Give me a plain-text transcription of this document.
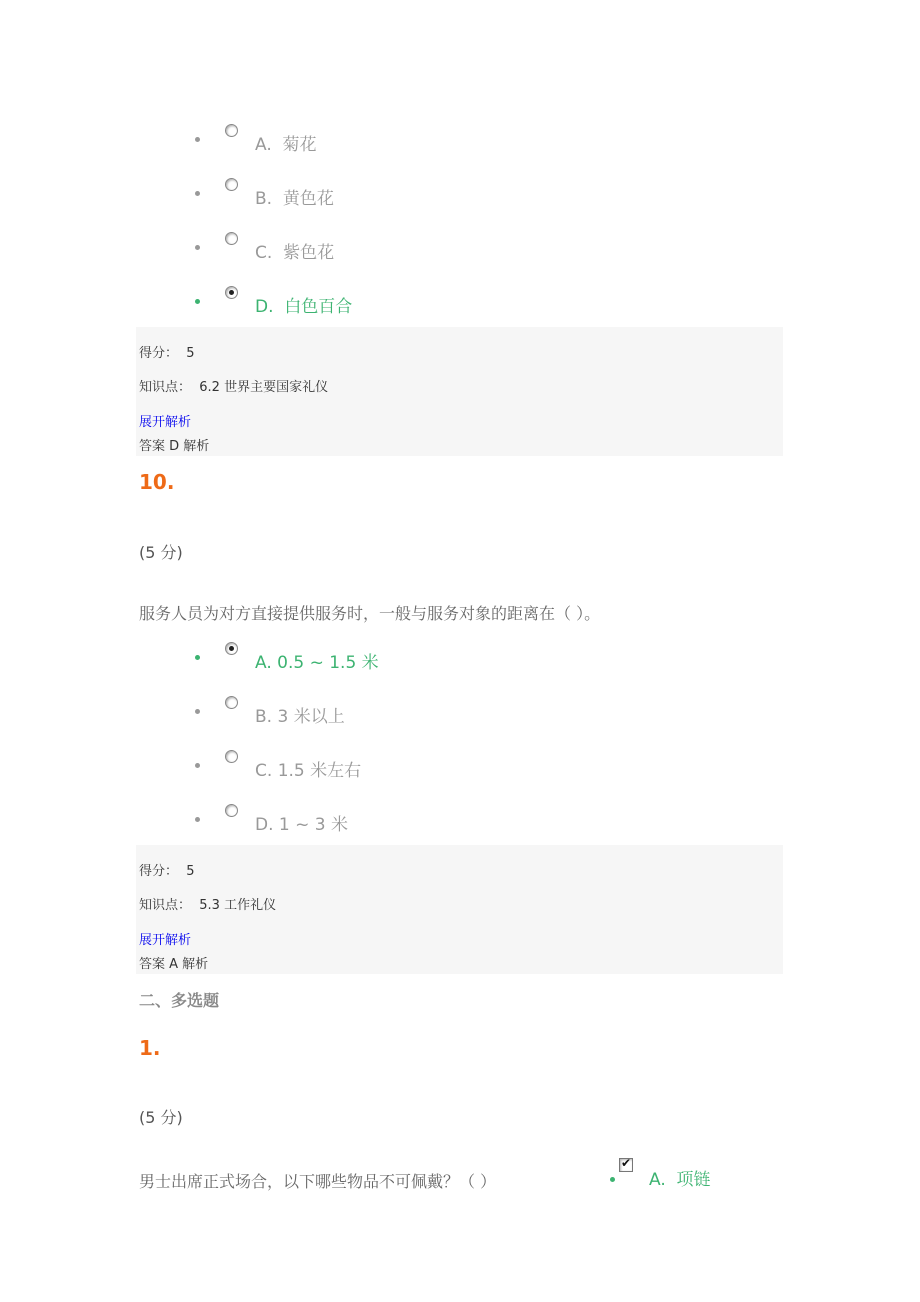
A. 菊花
B. 黄色花
C. 紫色花
D. 白色百合
得分： 5
知识点： 6.2 世界主要国家礼仪
展开解析
答案 D 解析
10.
(5 分)
服务人员为对方直接提供服务时，一般与服务对象的距离在（ ）。
A. 0.5 ~ 1.5 米
B. 3 米以上
C. 1.5 米左右
D. 1 ~ 3 米
得分： 5
知识点： 5.3 工作礼仪
展开解析
答案 A 解析
二、多选题
1.
(5 分)
男士出席正式场合，以下哪些物品不可佩戴？（ ）
✔
A. 项链
